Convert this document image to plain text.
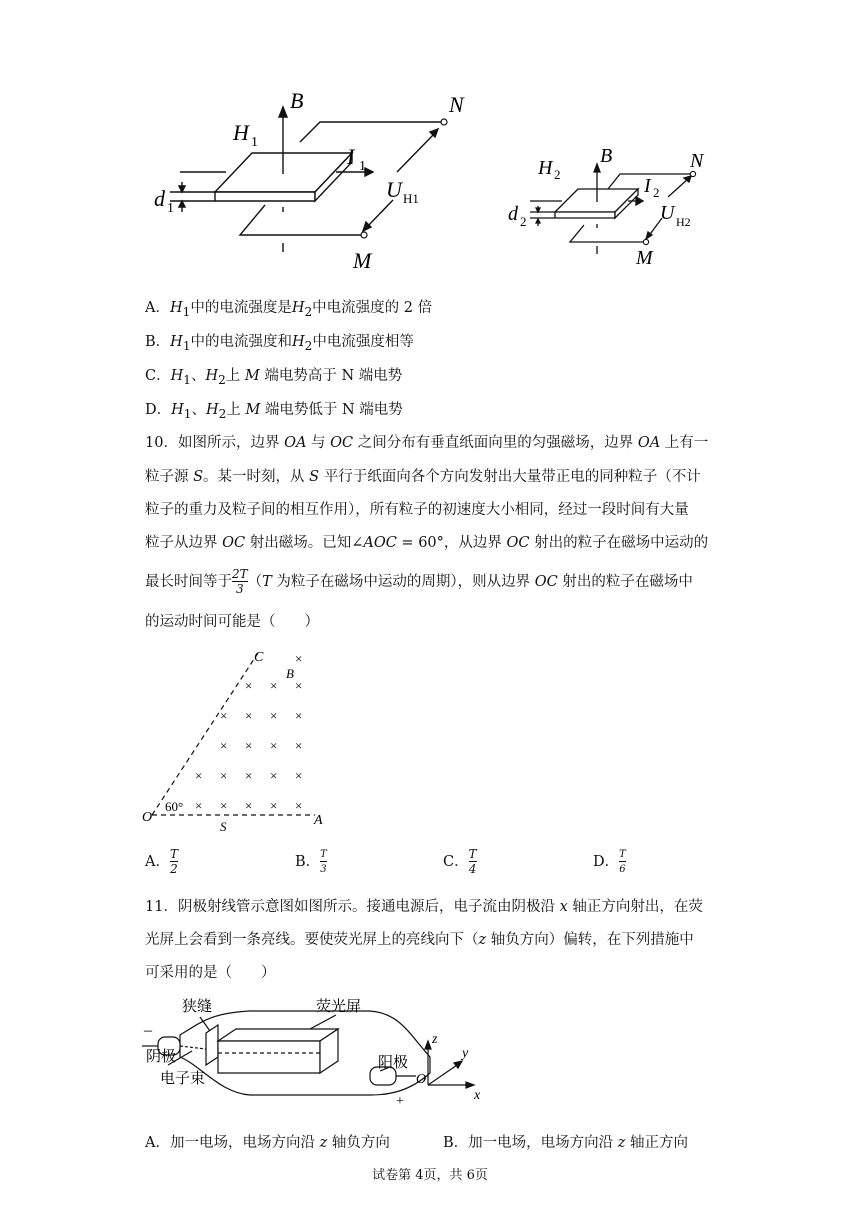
B
H 1
I 1
d 1
U H1
N
M
B
H 2
I 2
d 2	U H2
N
M
A．$H_1$中的电流强度是$H_2$中电流强度的 2 倍
B．$H_1$中的电流强度和$H_2$中电流强度相等
C．$H_1$、$H_2$上 M 端电势高于 N 端电势
D．$H_1$、$H_2$上 M 端电势低于 N 端电势
10．如图所示，边界 OA 与 OC 之间分布有垂直纸面向里的匀强磁场，边界 OA 上有一
粒子源 S。某一时刻，从 S 平行于纸面向各个方向发射出大量带正电的同种粒子（不计
粒子的重力及粒子间的相互作用），所有粒子的初速度大小相同，经过一段时间有大量
粒子从边界 OC 射出磁场。已知∠AOC = 60°，从边界 OC 射出的粒子在磁场中运动的
最长时间等于 $\frac{2T}{3} (T$ 为粒子在磁场中运动的周期），则从边界 OC 射出的粒子在磁场中
的运动时间可能是（　　）
C
B
O
S	A
60°
×
× × ×
× × × ×
× × × ×
× × × × ×
× × × × ×
A． $\frac{T}{2}$	B． $\frac{T}{3}$	C． $\frac{T}{4}$	D． $\frac{T}{6}$
11．阴极射线管示意图如图所示。接通电源后，电子流由阴极沿 x 轴正方向射出，在荧
光屏上会看到一条亮线。要使荧光屏上的亮线向下（z 轴负方向）偏转，在下列措施中
可采用的是（　　）
狭缝	荧光屏
阴极
电子束
阳极
–
+
z
y
x
O
A．加一电场，电场方向沿 z 轴负方向	B．加一电场，电场方向沿 z 轴正方向
试卷第 4页，共 6页
